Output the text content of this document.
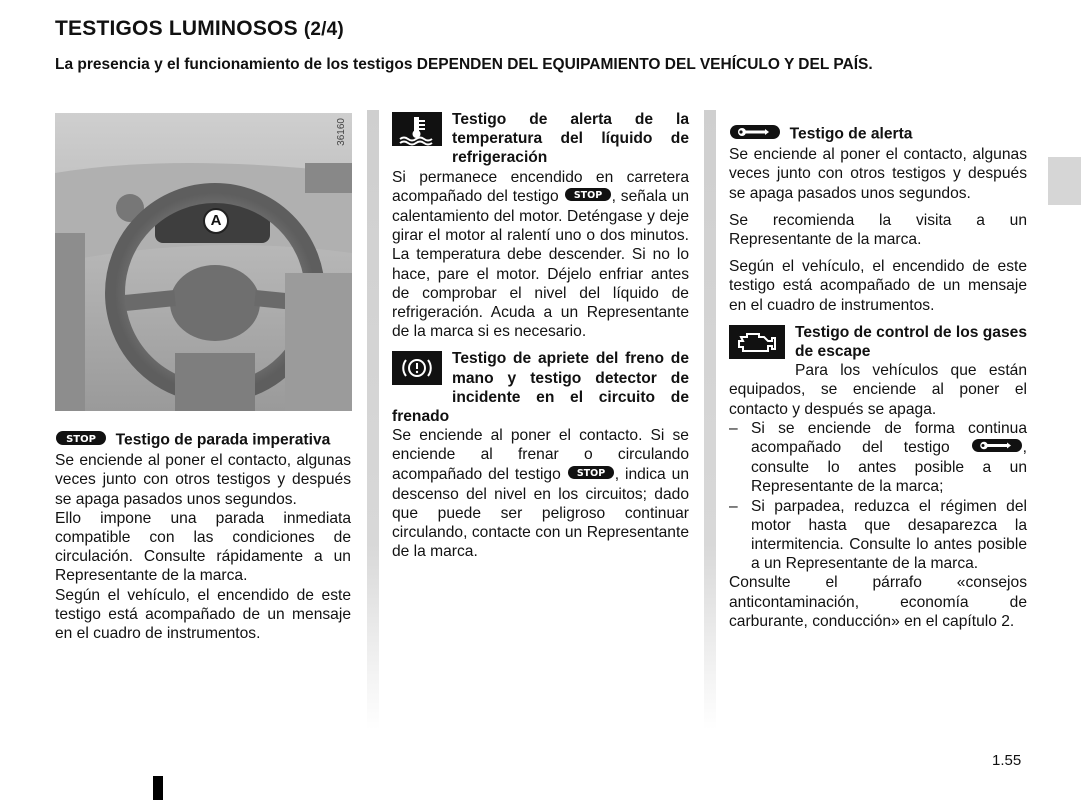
TESTIGOS LUMINOSOS (2/4)
La presencia y el funcionamiento de los testigos DEPENDEN DEL EQUIPAMIENTO DEL VEHÍCULO Y DEL PAÍS.
A
36160

STOP Testigo de parada imperativa

Se enciende al poner el contacto, algunas veces junto con otros testigos y después se apaga pasados unos segundos.

Ello impone una parada inmediata compatible con las condiciones de circulación. Consulte rápidamente a un Representante de la marca.

Según el vehículo, el encendido de este testigo está acompañado de un mensaje en el cuadro de instrumentos.

Testigo de alerta de la temperatura del líquido de refrigeración

Si permanece encendido en carretera acompañado del testigo STOP , señala un calentamiento del motor. Deténgase y deje girar el motor al ralentí uno o dos minutos. La temperatura debe descender. Si no lo hace, pare el motor. Déjelo enfriar antes de comprobar el nivel del líquido de refrigeración. Acuda a un Representante de la marca si es necesario.

Testigo de apriete del freno de mano y testigo detector de incidente en el circuito de frenado

Se enciende al poner el contacto. Si se enciende al frenar o circulando acompañado del testigo STOP , indica un descenso del nivel en los circuitos; dado que puede ser peligroso continuar circulando, contacte con un Representante de la marca.

Testigo de alerta

Se enciende al poner el contacto, algunas veces junto con otros testigos y después se apaga pasados unos segundos.

Se recomienda la visita a un Representante de la marca.

Según el vehículo, el encendido de este testigo está acompañado de un mensaje en el cuadro de instrumentos.

Testigo de control de los gases de escape

Para los vehículos que están equipados, se enciende al poner el contacto y después se apaga.

– Si se enciende de forma continua acompañado del testigo	, consulte lo antes posible a un Representante de la marca;
– Si parpadea, reduzca el régimen del motor hasta que desaparezca la intermitencia. Consulte lo antes posible a un Representante de la marca.

Consulte el párrafo «consejos anticontaminación, economía de carburante, conducción» en el capítulo 2.

1.55
